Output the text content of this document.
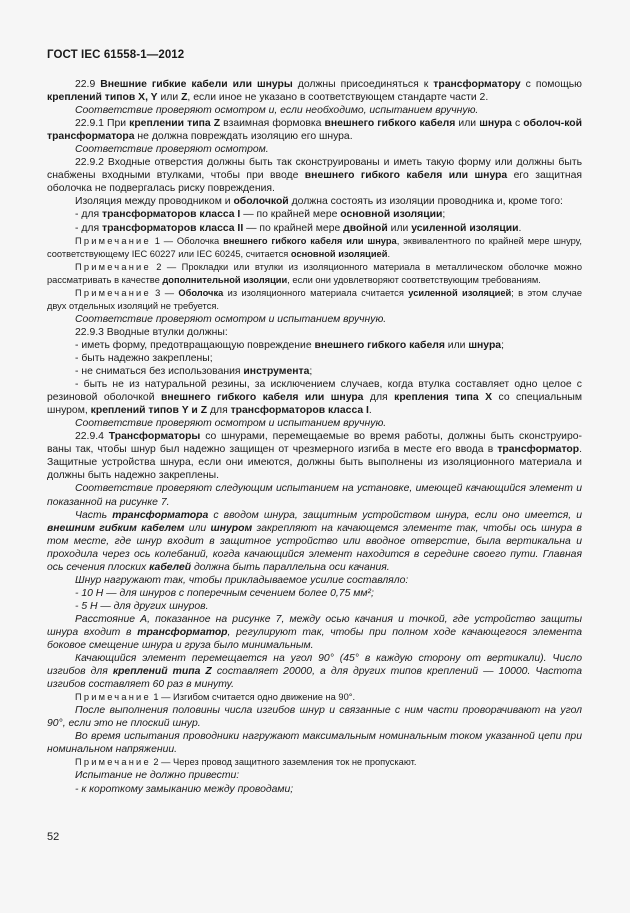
ГОСТ IEC 61558-1—2012

22.9 Внешние гибкие кабели или шнуры должны присоединяться к трансформатору с помощью креплений типов X, Y или Z, если иное не указано в соответствующем стандарте части 2.

Соответствие проверяют осмотром и, если необходимо, испытанием вручную.

22.9.1 При креплении типа Z взаимная формовка внешнего гибкого кабеля или шнура с оболоч-кой трансформатора не должна повреждать изоляцию его шнура.

Соответствие проверяют осмотром.

22.9.2 Входные отверстия должны быть так сконструированы и иметь такую форму или должны быть снабжены входными втулками, чтобы при вводе внешнего гибкого кабеля или шнура его защитная оболочка не подвергалась риску повреждения.

Изоляция между проводником и оболочкой должна состоять из изоляции проводника и, кроме того:

- для трансформаторов класса I — по крайней мере основной изоляции;

- для трансформаторов класса II — по крайней мере двойной или усиленной изоляции.

Примечание 1 — Оболочка внешнего гибкого кабеля или шнура, эквивалентного по крайней мере шнуру, соответствующему IEC 60227 или IEC 60245, считается основной изоляцией.

Примечание 2 — Прокладки или втулки из изоляционного материала в металлическом оболочке можно рассматривать в качестве дополнительной изоляции, если они удовлетворяют соответствующим требованиям.

Примечание 3 — Оболочка из изоляционного материала считается усиленной изоляцией; в этом случае двух отдельных изоляций не требуется.

Соответствие проверяют осмотром и испытанием вручную.

22.9.3 Вводные втулки должны:

- иметь форму, предотвращающую повреждение внешнего гибкого кабеля или шнура;

- быть надежно закреплены;

- не сниматься без использования инструмента;

- быть не из натуральной резины, за исключением случаев, когда втулка составляет одно целое с резиновой оболочкой внешнего гибкого кабеля или шнура для крепления типа X со специальным шнуром, креплений типов Y и Z для трансформаторов класса I.

Соответствие проверяют осмотром и испытанием вручную.

22.9.4 Трансформаторы со шнурами, перемещаемые во время работы, должны быть сконструиро-ваны так, чтобы шнур был надежно защищен от чрезмерного изгиба в месте его ввода в трансформатор. Защитные устройства шнура, если они имеются, должны быть выполнены из изоляционного материала и должны быть надежно закреплены.

Соответствие проверяют следующим испытанием на установке, имеющей качающийся элемент и показанной на рисунке 7.

Часть трансформатора с вводом шнура, защитным устройством шнура, если оно имеется, и внешним гибким кабелем или шнуром закрепляют на качающемся элементе так, чтобы ось шнура в том месте, где шнур входит в защитное устройство или вводное отверстие, была вертикальна и проходила через ось колебаний, когда качающийся элемент находится в середине своего пути. Главная ось сечения плоских кабелей должна быть параллельна оси качания.

Шнур нагружают так, чтобы прикладываемое усилие составляло:

- 10 Н — для шнуров с поперечным сечением более 0,75 мм²;

- 5 Н — для других шнуров.

Расстояние А, показанное на рисунке 7, между осью качания и точкой, где устройство защиты шнура входит в трансформатор, регулируют так, чтобы при полном ходе качающегося элемента боковое смещение шнура и груза было минимальным.

Качающийся элемент перемещается на угол 90° (45° в каждую сторону от вертикали). Число изгибов для креплений типа Z составляет 20000, а для других типов креплений — 10000. Частота изгибов составляет 60 раз в минуту.

Примечание 1 — Изгибом считается одно движение на 90°.

После выполнения половины числа изгибов шнур и связанные с ним части проворачивают на угол 90°, если это не плоский шнур.

Во время испытания проводники нагружают максимальным номинальным током указанной цепи при номинальном напряжении.

Примечание 2 — Через провод защитного заземления ток не пропускают.

Испытание не должно привести:

- к короткому замыканию между проводами;

52
